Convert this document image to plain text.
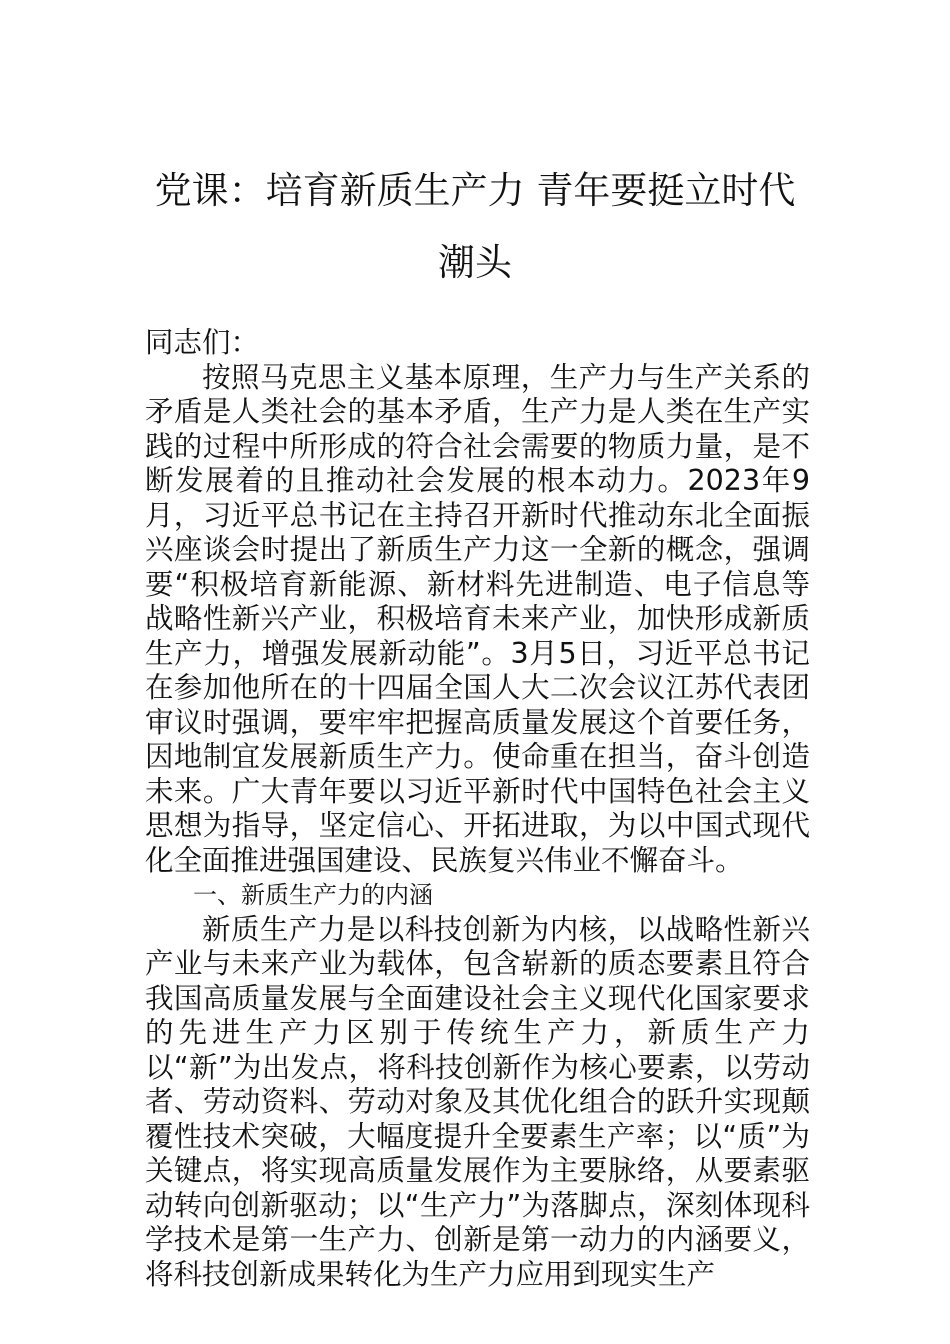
党课：培育新质生产力 青年要挺立时代潮头

同志们：

按照马克思主义基本原理，生产力与生产关系的矛盾是人类社会的基本矛盾，生产力是人类在生产实践的过程中所形成的符合社会需要的物质力量，是不断发展着的且推动社会发展的根本动力。2023年9月，习近平总书记在主持召开新时代推动东北全面振兴座谈会时提出了新质生产力这一全新的概念，强调要“积极培育新能源、新材料先进制造、电子信息等战略性新兴产业，积极培育未来产业，加快形成新质生产力，增强发展新动能”。3月5日，习近平总书记在参加他所在的十四届全国人大二次会议江苏代表团审议时强调，要牢牢把握高质量发展这个首要任务，因地制宜发展新质生产力。使命重在担当，奋斗创造未来。广大青年要以习近平新时代中国特色社会主义思想为指导，坚定信心、开拓进取，为以中国式现代化全面推进强国建设、民族复兴伟业不懈奋斗。

一、新质生产力的内涵

新质生产力是以科技创新为内核，以战略性新兴产业与未来产业为载体，包含崭新的质态要素且符合我国高质量发展与全面建设社会主义现代化国家要求的先进生产力区别于传统生产力，新质生产力以“新”为出发点，将科技创新作为核心要素，以劳动者、劳动资料、劳动对象及其优化组合的跃升实现颠覆性技术突破，大幅度提升全要素生产率；以“质”为关键点，将实现高质量发展作为主要脉络，从要素驱动转向创新驱动；以“生产力”为落脚点，深刻体现科学技术是第一生产力、创新是第一动力的内涵要义，将科技创新成果转化为生产力应用到现实生产
